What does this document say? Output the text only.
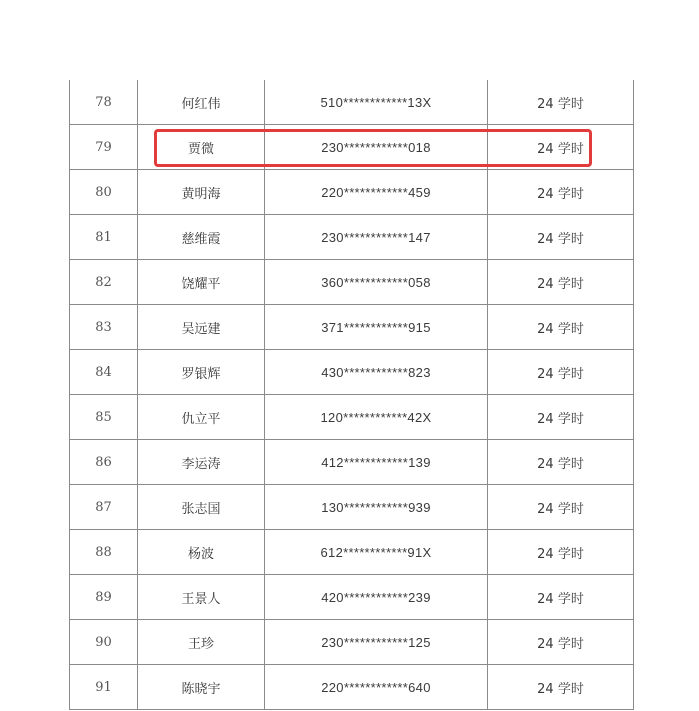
78	何红伟	510************13X	24 学时
79	贾微	230************018	24 学时
80	黄明海	220************459	24 学时
81	慈维霞	230************147	24 学时
82	饶耀平	360************058	24 学时
83	吴远建	371************915	24 学时
84	罗银辉	430************823	24 学时
85	仇立平	120************42X	24 学时
86	李运涛	412************139	24 学时
87	张志国	130************939	24 学时
88	杨波	612************91X	24 学时
89	王景人	420************239	24 学时
90	王珍	230************125	24 学时
91	陈晓宇	220************640	24 学时
